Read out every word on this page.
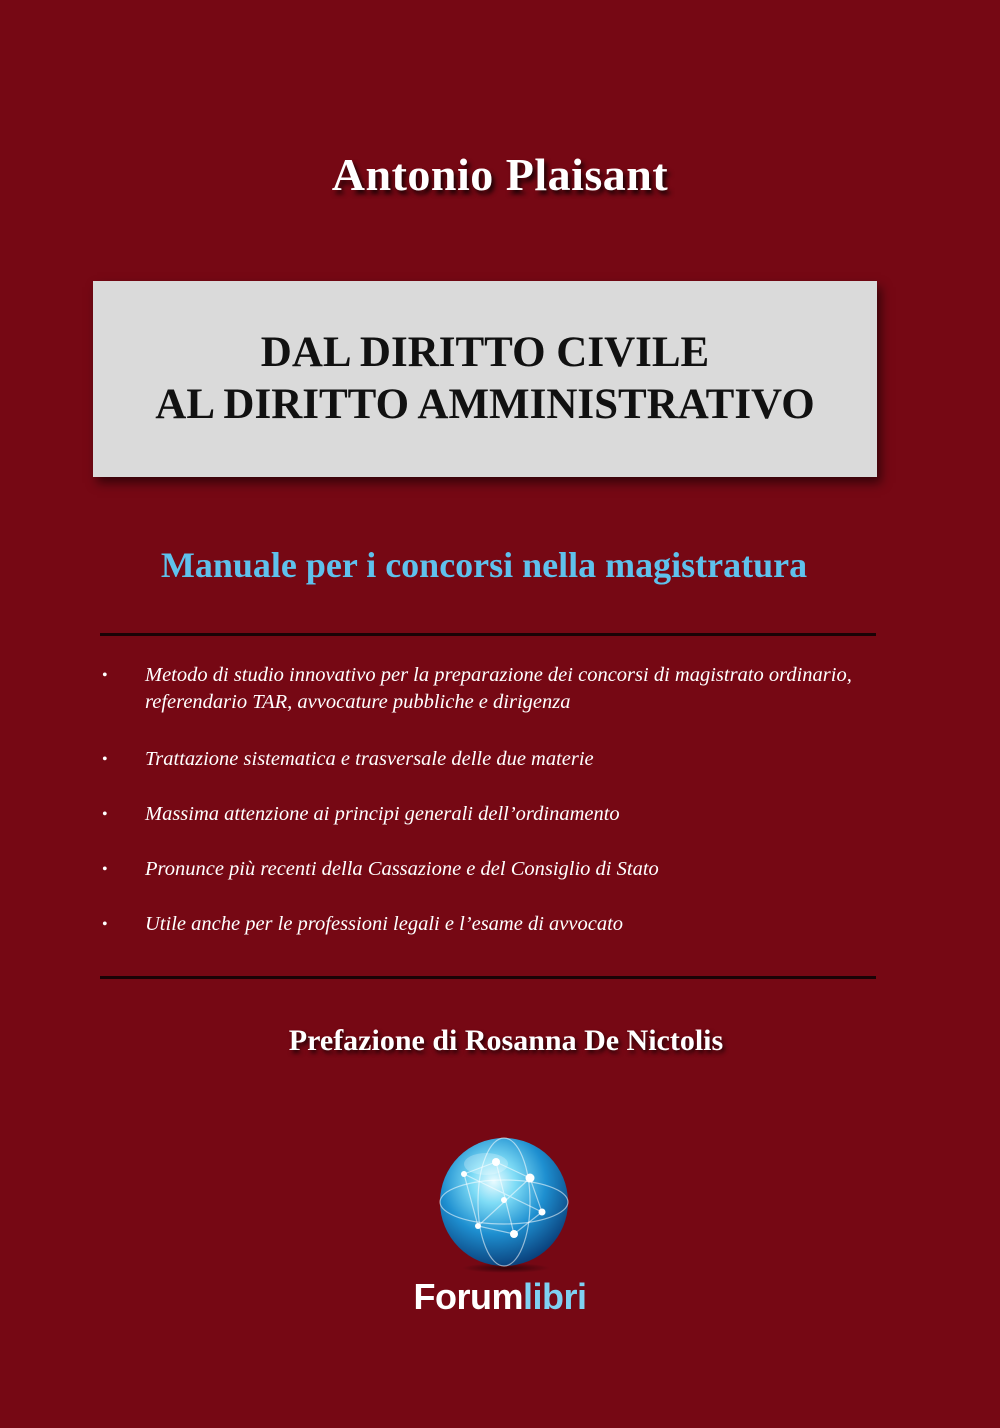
Antonio Plaisant
DAL DIRITTO CIVILE
AL DIRITTO AMMINISTRATIVO
Manuale per i concorsi nella magistratura
• Metodo di studio innovativo per la preparazione dei concorsi di magistrato ordinario, referendario TAR, avvocature pubbliche e dirigenza
• Trattazione sistematica e trasversale delle due materie
• Massima attenzione ai principi generali dell’ordinamento
• Pronunce più recenti della Cassazione e del Consiglio di Stato
• Utile anche per le professioni legali e l’esame di avvocato
Prefazione di Rosanna De Nictolis
Forumlibri
